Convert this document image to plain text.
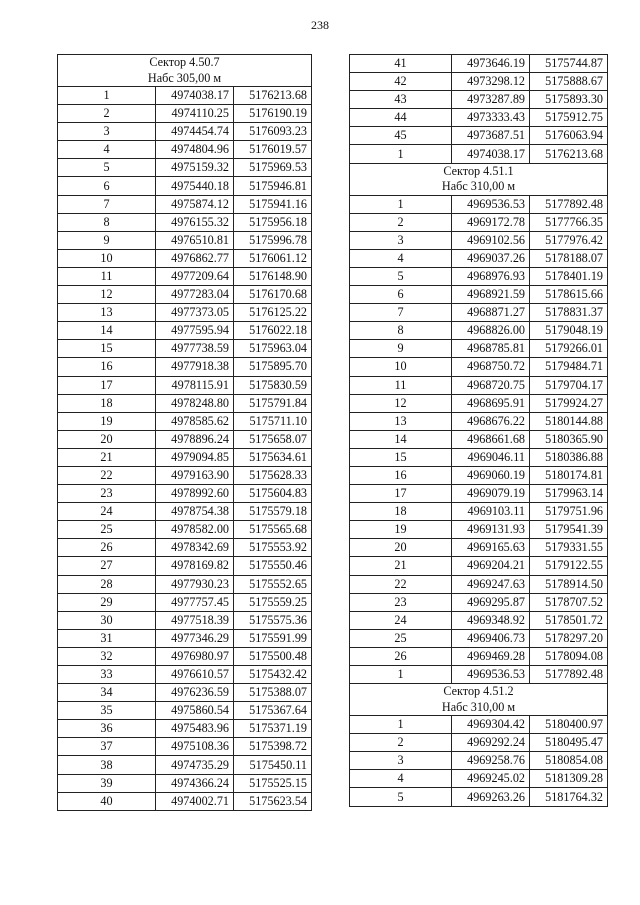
238
Сектор 4.50.7
Набс 305,00 м		

1	4974038.17	5176213.68
2	4974110.25	5176190.19
3	4974454.74	5176093.23
4	4974804.96	5176019.57
5	4975159.32	5175969.53
6	4975440.18	5175946.81
7	4975874.12	5175941.16
8	4976155.32	5175956.18
9	4976510.81	5175996.78
10	4976862.77	5176061.12
11	4977209.64	5176148.90
12	4977283.04	5176170.68
13	4977373.05	5176125.22
14	4977595.94	5176022.18
15	4977738.59	5175963.04
16	4977918.38	5175895.70
17	4978115.91	5175830.59
18	4978248.80	5175791.84
19	4978585.62	5175711.10
20	4978896.24	5175658.07
21	4979094.85	5175634.61
22	4979163.90	5175628.33
23	4978992.60	5175604.83
24	4978754.38	5175579.18
25	4978582.00	5175565.68
26	4978342.69	5175553.92
27	4978169.82	5175550.46
28	4977930.23	5175552.65
29	4977757.45	5175559.25
30	4977518.39	5175575.36
31	4977346.29	5175591.99
32	4976980.97	5175500.48
33	4976610.57	5175432.42
34	4976236.59	5175388.07
35	4975860.54	5175367.64
36	4975483.96	5175371.19
37	4975108.36	5175398.72
38	4974735.29	5175450.11
39	4974366.24	5175525.15
40	4974002.71	5175623.54
41	4973646.19	5175744.87
42	4973298.12	5175888.67
43	4973287.89	5175893.30
44	4973333.43	5175912.75
45	4973687.51	5176063.94
1	4974038.17	5176213.68

Сектор 4.51.1
Набс 310,00 м		

1	4969536.53	5177892.48
2	4969172.78	5177766.35
3	4969102.56	5177976.42
4	4969037.26	5178188.07
5	4968976.93	5178401.19
6	4968921.59	5178615.66
7	4968871.27	5178831.37
8	4968826.00	5179048.19
9	4968785.81	5179266.01
10	4968750.72	5179484.71
11	4968720.75	5179704.17
12	4968695.91	5179924.27
13	4968676.22	5180144.88
14	4968661.68	5180365.90
15	4969046.11	5180386.88
16	4969060.19	5180174.81
17	4969079.19	5179963.14
18	4969103.11	5179751.96
19	4969131.93	5179541.39
20	4969165.63	5179331.55
21	4969204.21	5179122.55
22	4969247.63	5178914.50
23	4969295.87	5178707.52
24	4969348.92	5178501.72
25	4969406.73	5178297.20
26	4969469.28	5178094.08
1	4969536.53	5177892.48

Сектор 4.51.2
Набс 310,00 м		

1	4969304.42	5180400.97
2	4969292.24	5180495.47
3	4969258.76	5180854.08
4	4969245.02	5181309.28
5	4969263.26	5181764.32
